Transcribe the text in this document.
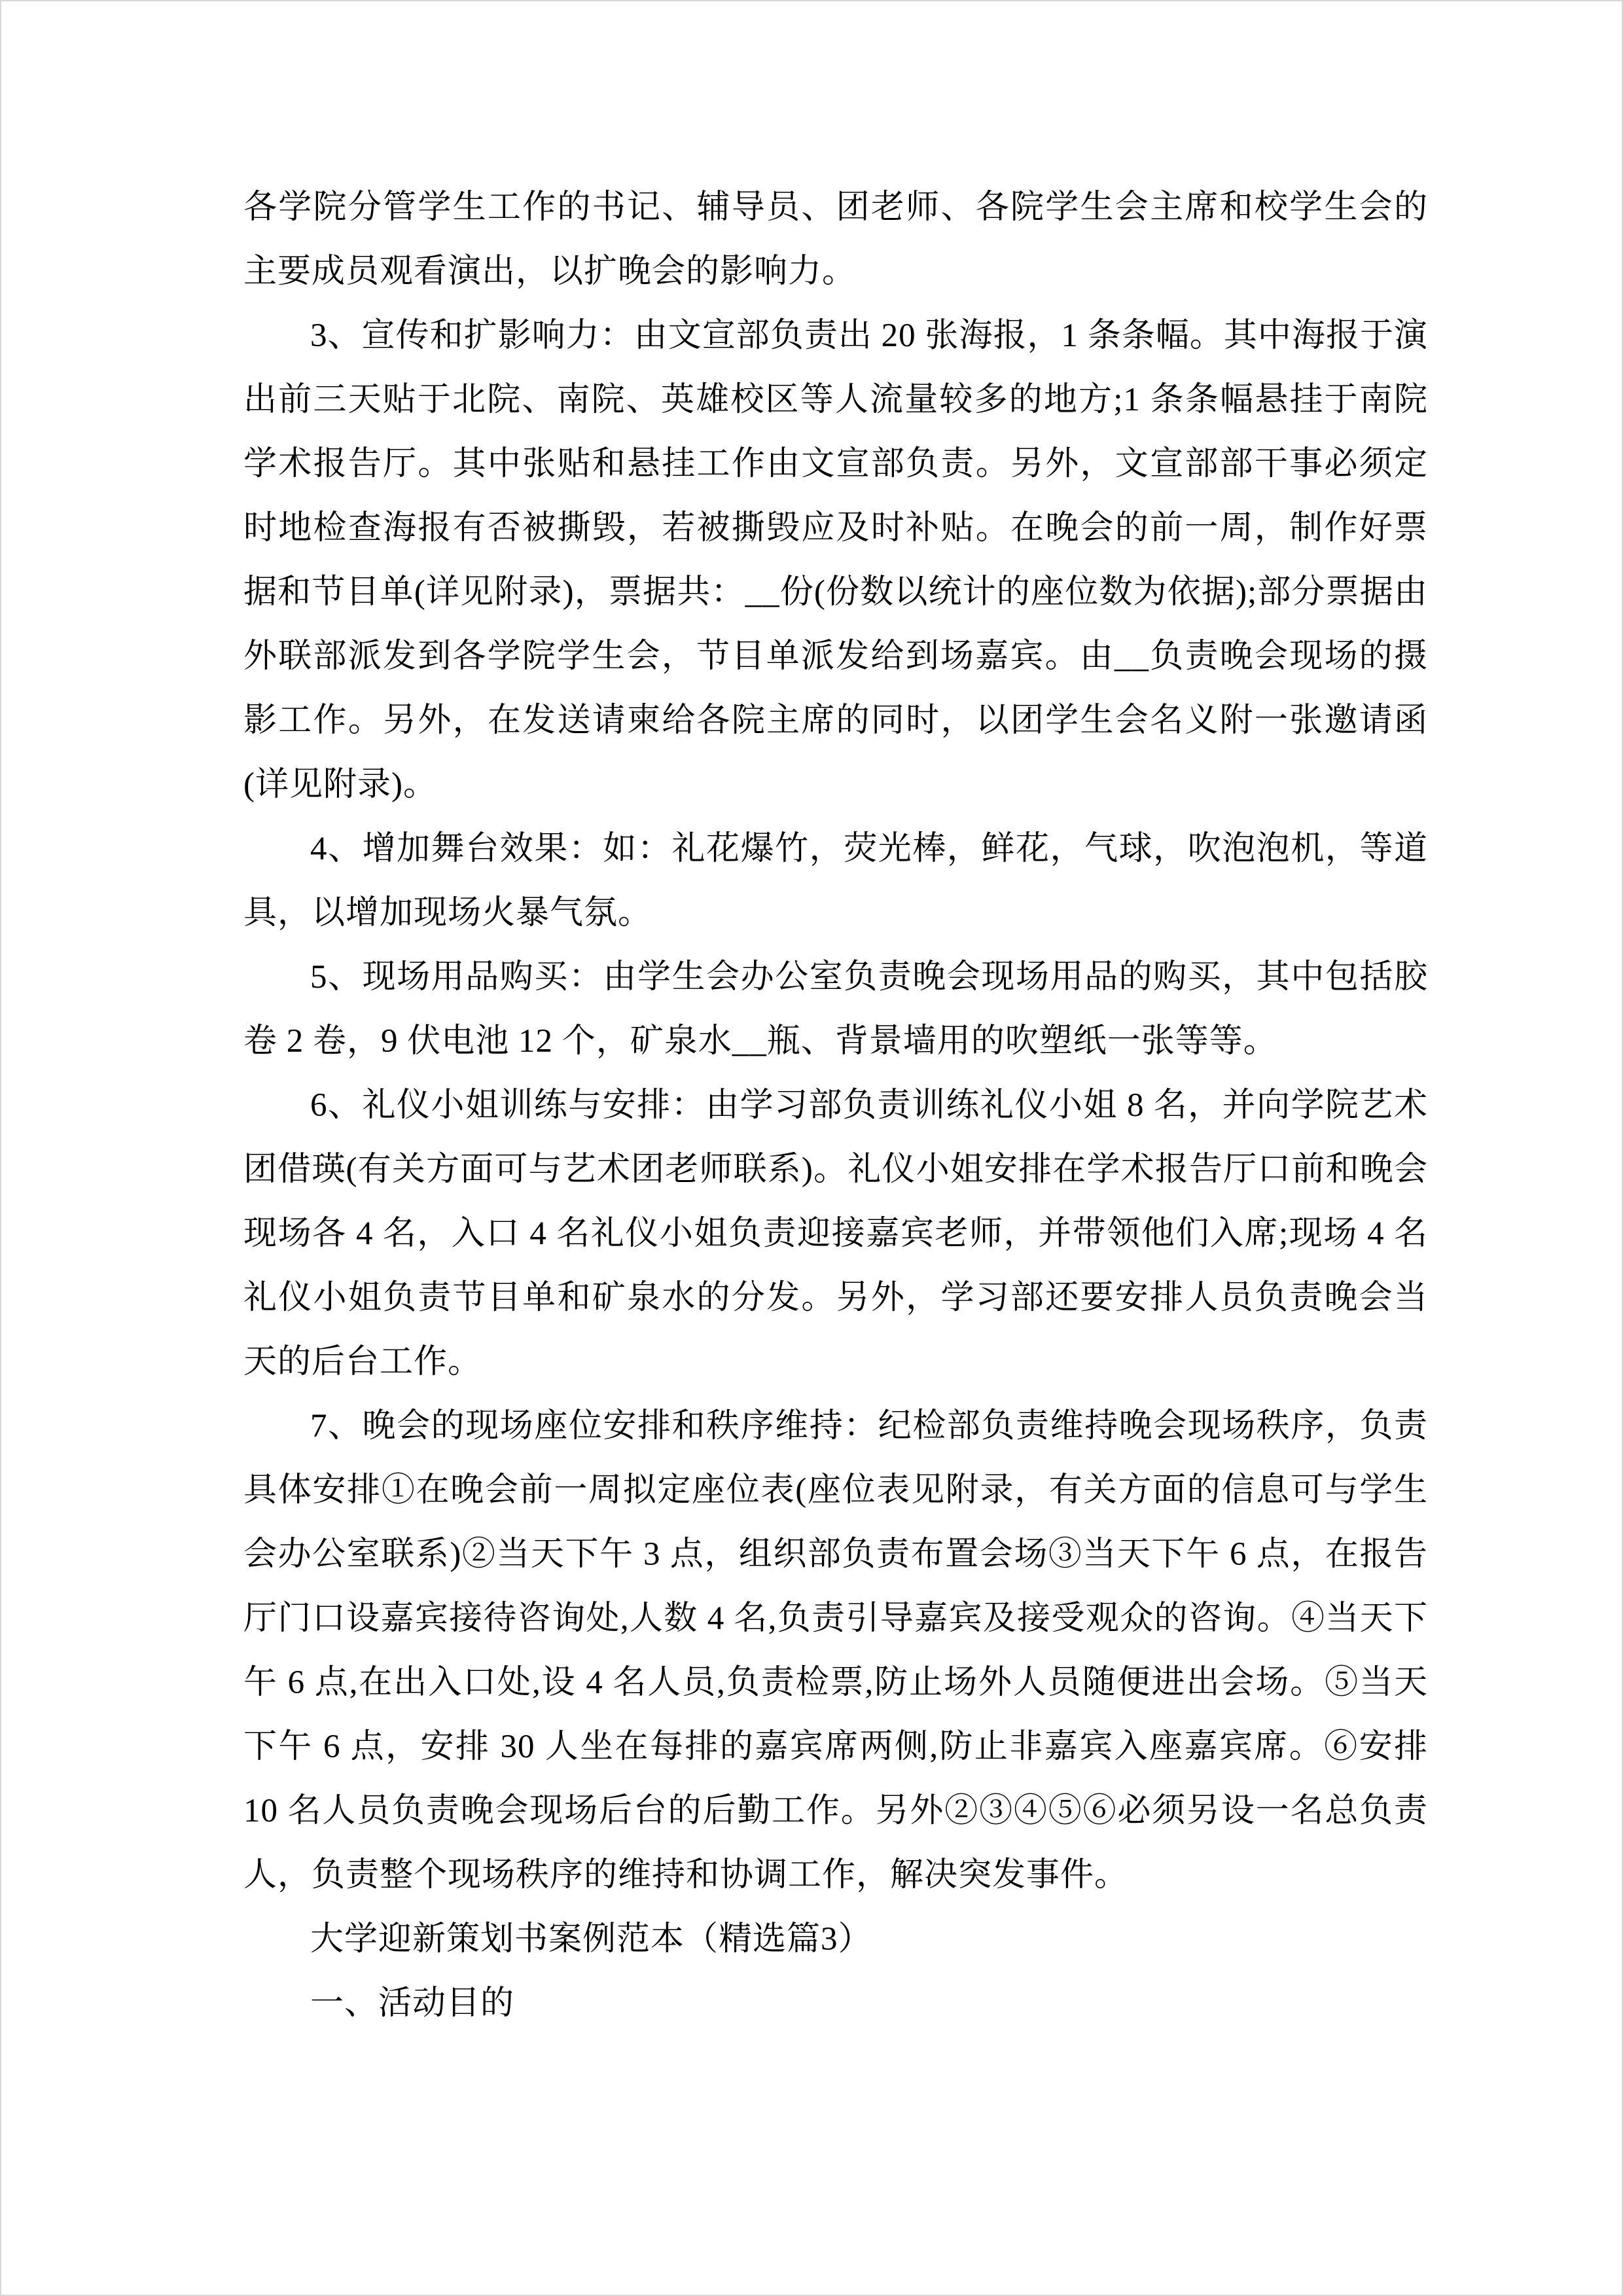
各学院分管学生工作的书记、辅导员、团老师、各院学生会主席和校学生会的主要成员观看演出，以扩晚会的影响力。

3、宣传和扩影响力：由文宣部负责出 20 张海报，1 条条幅。其中海报于演出前三天贴于北院、南院、英雄校区等人流量较多的地方;1 条条幅悬挂于南院学术报告厅。其中张贴和悬挂工作由文宣部负责。另外，文宣部部干事必须定时地检查海报有否被撕毁，若被撕毁应及时补贴。在晚会的前一周，制作好票据和节目单(详见附录)，票据共：__份(份数以统计的座位数为依据);部分票据由外联部派发到各学院学生会，节目单派发给到场嘉宾。由__负责晚会现场的摄影工作。另外，在发送请柬给各院主席的同时，以团学生会名义附一张邀请函(详见附录)。

4、增加舞台效果：如：礼花爆竹，荧光棒，鲜花，气球，吹泡泡机，等道具，以增加现场火暴气氛。

5、现场用品购买：由学生会办公室负责晚会现场用品的购买，其中包括胶卷 2 卷，9 伏电池 12 个，矿泉水__瓶、背景墙用的吹塑纸一张等等。

6、礼仪小姐训练与安排：由学习部负责训练礼仪小姐 8 名，并向学院艺术团借瑛(有关方面可与艺术团老师联系)。礼仪小姐安排在学术报告厅口前和晚会现场各 4 名，入口 4 名礼仪小姐负责迎接嘉宾老师，并带领他们入席;现场 4 名礼仪小姐负责节目单和矿泉水的分发。另外，学习部还要安排人员负责晚会当天的后台工作。

7、晚会的现场座位安排和秩序维持：纪检部负责维持晚会现场秩序，负责具体安排①在晚会前一周拟定座位表(座位表见附录，有关方面的信息可与学生会办公室联系)②当天下午 3 点，组织部负责布置会场③当天下午 6 点，在报告厅门口设嘉宾接待咨询处,人数 4 名,负责引导嘉宾及接受观众的咨询。④当天下午 6 点,在出入口处,设 4 名人员,负责检票,防止场外人员随便进出会场。⑤当天下午 6 点，安排 30 人坐在每排的嘉宾席两侧,防止非嘉宾入座嘉宾席。⑥安排 10 名人员负责晚会现场后台的后勤工作。另外②③④⑤⑥必须另设一名总负责人，负责整个现场秩序的维持和协调工作，解决突发事件。

大学迎新策划书案例范本（精选篇3）

一、活动目的
